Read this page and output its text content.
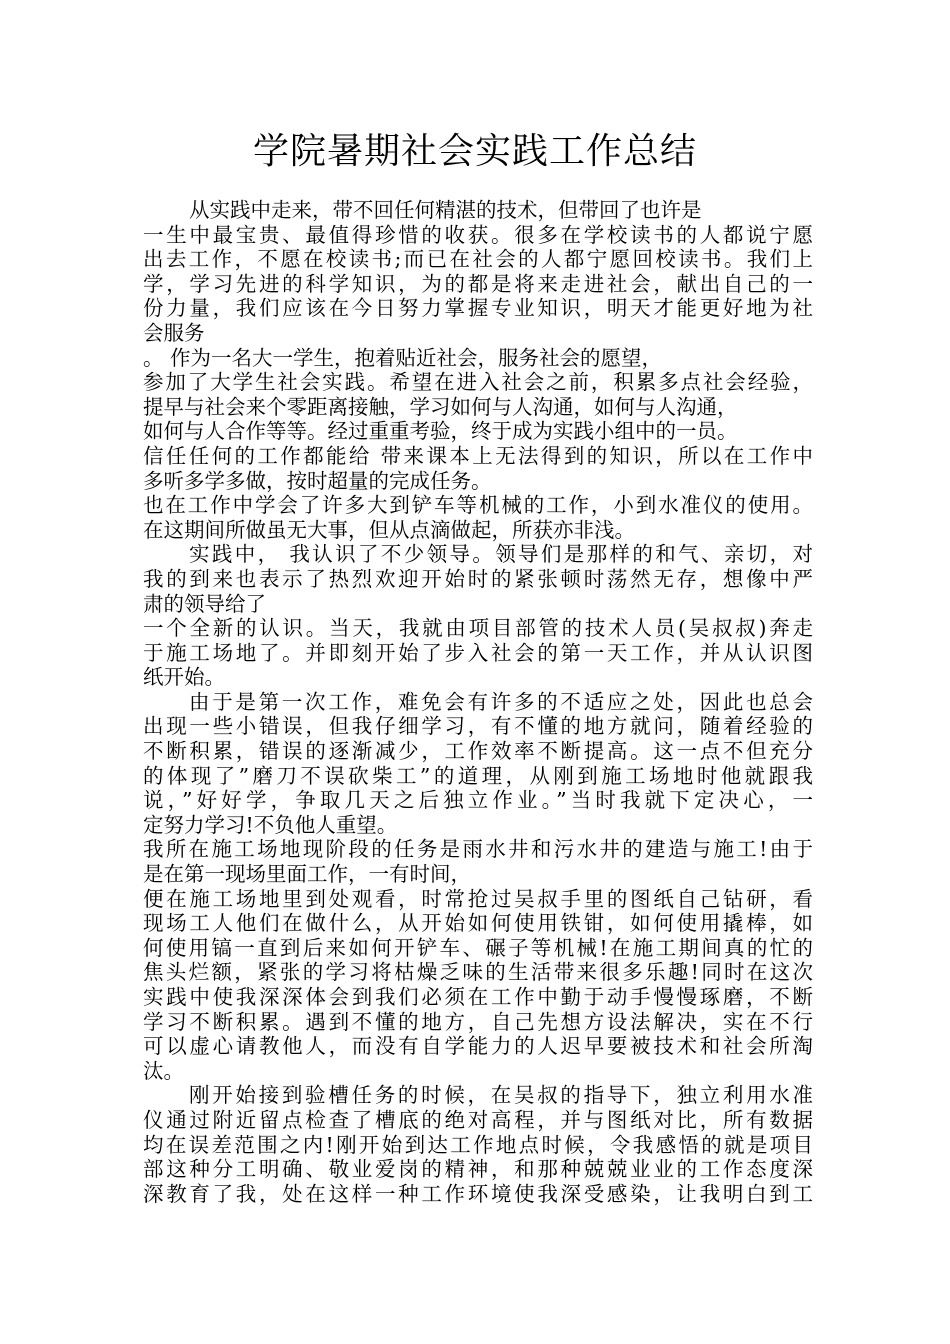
学院暑期社会实践工作总结
从实践中走来，带不回任何精湛的技术，但带回了也许是
一生中最宝贵、最值得珍惜的收获。很多在学校读书的人都说宁愿
出去工作，不愿在校读书;而已在社会的人都宁愿回校读书。我们上
学，学习先进的科学知识，为的都是将来走进社会，献出自己的一
份力量，我们应该在今日努力掌握专业知识，明天才能更好地为社
会服务
。 作为一名大一学生，抱着贴近社会，服务社会的愿望，
参加了大学生社会实践。希望在进入社会之前，积累多点社会经验，
提早与社会来个零距离接触，学习如何与人沟通，如何与人沟通，
如何与人合作等等。经过重重考验，终于成为实践小组中的一员。
信任任何的工作都能给 带来课本上无法得到的知识，所以在工作中
多听多学多做，按时超量的完成任务。
也在工作中学会了许多大到铲车等机械的工作，小到水准仪的使用。
在这期间所做虽无大事，但从点滴做起，所获亦非浅。
实践中， 我认识了不少领导。领导们是那样的和气、亲切，对
我的到来也表示了热烈欢迎开始时的紧张顿时荡然无存，想像中严
肃的领导给了
一个全新的认识。当天，我就由项目部管的技术人员(吴叔叔)奔走
于施工场地了。并即刻开始了步入社会的第一天工作，并从认识图
纸开始。
由于是第一次工作，难免会有许多的不适应之处，因此也总会
出现一些小错误，但我仔细学习，有不懂的地方就问，随着经验的
不断积累，错误的逐渐减少，工作效率不断提高。这一点不但充分
的体现了”磨刀不误砍柴工”的道理，从刚到施工场地时他就跟我
说，”好好学，争取几天之后独立作业。”当时我就下定决心，一
定努力学习!不负他人重望。
我所在施工场地现阶段的任务是雨水井和污水井的建造与施工!由于
是在第一现场里面工作，一有时间，
便在施工场地里到处观看，时常抢过吴叔手里的图纸自己钻研，看
现场工人他们在做什么，从开始如何使用铁钳，如何使用撬棒，如
何使用镐一直到后来如何开铲车、碾子等机械!在施工期间真的忙的
焦头烂额，紧张的学习将枯燥乏味的生活带来很多乐趣!同时在这次
实践中使我深深体会到我们必须在工作中勤于动手慢慢琢磨，不断
学习不断积累。遇到不懂的地方，自己先想方设法解决，实在不行
可以虚心请教他人，而没有自学能力的人迟早要被技术和社会所淘
汰。
刚开始接到验槽任务的时候，在吴叔的指导下，独立利用水准
仪通过附近留点检查了槽底的绝对高程，并与图纸对比，所有数据
均在误差范围之内!刚开始到达工作地点时候，令我感悟的就是项目
部这种分工明确、敬业爱岗的精神，和那种兢兢业业的工作态度深
深教育了我，处在这样一种工作环境使我深受感染，让我明白到工
